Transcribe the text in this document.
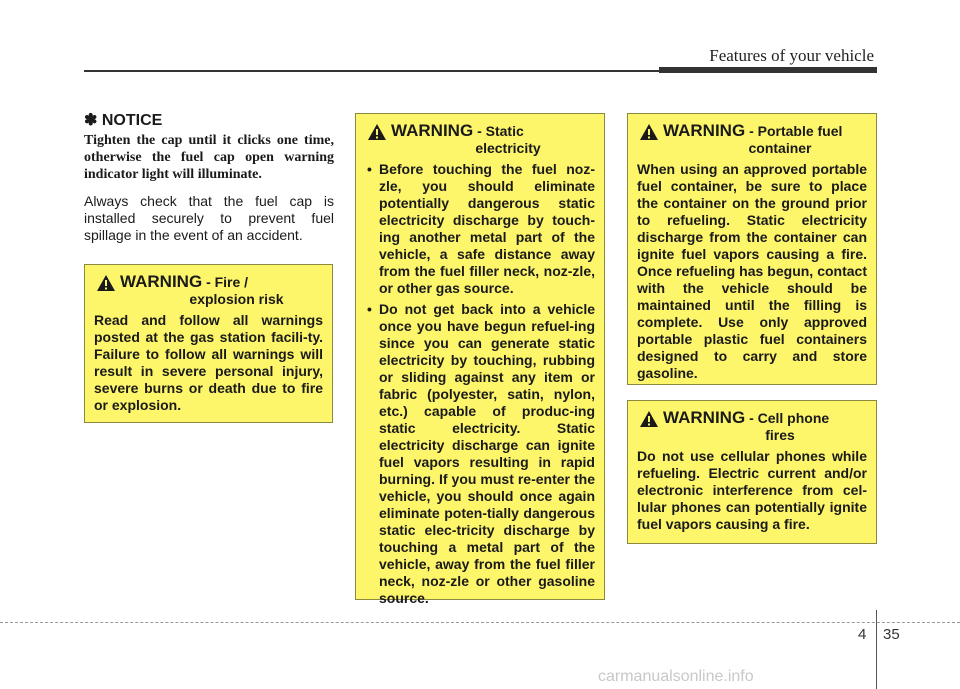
Features of your vehicle

✽ NOTICE

Tighten the cap until it clicks one time, otherwise the fuel cap open warning indicator light will illuminate.

Always check that the fuel cap is installed securely to prevent fuel spillage in the event of an accident.

WARNING - Fire /
explosion risk

Read and follow all warnings posted at the gas station facili-ty. Failure to follow all warnings will result in severe personal injury, severe burns or death due to fire or explosion.

WARNING - Static
electricity
• Before touching the fuel noz-zle, you should eliminate potentially dangerous static electricity discharge by touch-ing another metal part of the vehicle, a safe distance away from the fuel filler neck, noz-zle, or other gas source.
• Do not get back into a vehicle once you have begun refuel-ing since you can generate static electricity by touching, rubbing or sliding against any item or fabric (polyester, satin, nylon, etc.) capable of produc-ing static electricity. Static electricity discharge can ignite fuel vapors resulting in rapid burning. If you must re-enter the vehicle, you should once again eliminate poten-tially dangerous static elec-tricity discharge by touching a metal part of the vehicle, away from the fuel filler neck, noz-zle or other gasoline source.
WARNING - Portable fuel
container

When using an approved portable fuel container, be sure to place the container on the ground prior to refueling. Static electricity discharge from the container can ignite fuel vapors causing a fire. Once refueling has begun, contact with the vehicle should be maintained until the filling is complete. Use only approved portable plastic fuel containers designed to carry and store gasoline.

WARNING - Cell phone
fires

Do not use cellular phones while refueling. Electric current and/or electronic interference from cel-lular phones can potentially ignite fuel vapors causing a fire.

4 35
carmanualsonline.info
